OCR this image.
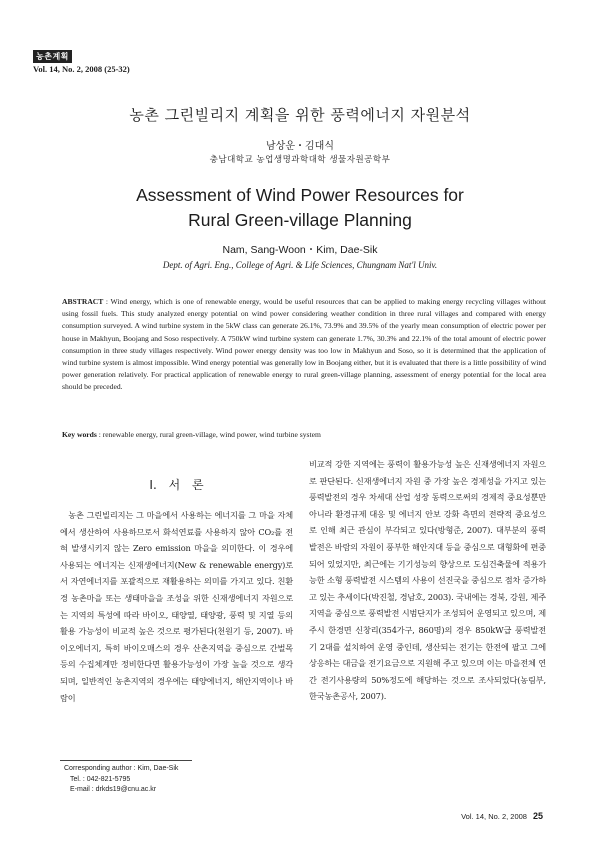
농촌계획
Vol. 14, No. 2, 2008 (25-32)
농촌 그린빌리지 계획을 위한 풍력에너지 자원분석
남상운・김대식
충남대학교 농업생명과학대학 생물자원공학부
Assessment of Wind Power Resources for
Rural Green-village Planning
Nam, Sang-Woon・Kim, Dae-Sik
Dept. of Agri. Eng., College of Agri. & Life Sciences, Chungnam Nat'l Univ.

ABSTRACT : Wind energy, which is one of renewable energy, would be useful resources that can be applied to making energy recycling villages without using fossil fuels. This study analyzed energy potential on wind power considering weather condition in three rural villages and compared with energy consumption surveyed. A wind turbine system in the 5kW class can generate 26.1%, 73.9% and 39.5% of the yearly mean consumption of electric power per house in Makhyun, Boojang and Soso respectively. A 750kW wind turbine system can generate 1.7%, 30.3% and 22.1% of the total amount of electric power consumption in three study villages respectively. Wind power energy density was too low in Makhyun and Soso, so it is determined that the application of wind turbine system is almost impossible. Wind energy potential was generally low in Boojang either, but it is evaluated that there is a little possibility of wind power generation relatively. For practical application of renewable energy to rural green-village planning, assessment of energy potential for the local area should be preceded.

Key words : renewable energy, rural green-village, wind power, wind turbine system
I. 서 론

농촌 그린빌리지는 그 마을에서 사용하는 에너지를 그 마을 자체에서 생산하여 사용하므로서 화석연료를 사용하지 않아 CO₂를 전혀 발생시키지 않는 Zero emission 마을을 의미한다. 이 경우에 사용되는 에너지는 신재생에너지(New & renewable energy)로서 자연에너지를 포괄적으로 재활용하는 의미를 가지고 있다. 친환경 농촌마을 또는 생태마을을 조성을 위한 신재생에너지 자원으로는 지역의 특성에 따라 바이오, 태양열, 태양광, 풍력 및 지열 등의 활용 가능성이 비교적 높은 것으로 평가된다(천원기 등, 2007). 바이오에너지, 특히 바이오매스의 경우 산촌지역을 중심으로 간벌목 등의 수집체계만 정비한다면 활용가능성이 가장 높을 것으로 생각되며, 일반적인 농촌지역의 경우에는 태양에너지, 해안지역이나 바람이

비교적 강한 지역에는 풍력이 활용가능성 높은 신재생에너지 자원으로 판단된다. 신재생에너지 자원 중 가장 높은 경제성을 가지고 있는 풍력발전의 경우 차세대 산업 성장 동력으로써의 경제적 중요성뿐만 아니라 환경규제 대응 및 에너지 안보 강화 측면의 전략적 중요성으로 인해 최근 관심이 부각되고 있다(방형준, 2007). 대부분의 풍력발전은 바람의 자원이 풍부한 해안지대 등을 중심으로 대형화에 편중되어 있었지만, 최근에는 기기성능의 향상으로 도심건축물에 적용가능한 소형 풍력발전 시스템의 사용이 선진국을 중심으로 점차 증가하고 있는 추세이다(박진철, 경남호, 2003). 국내에는 경북, 강원, 제주지역을 중심으로 풍력발전 시범단지가 조성되어 운영되고 있으며, 제주시 한경면 신창리(354가구, 860명)의 경우 850kW급 풍력발전기 2대를 설치하여 운영 중인데, 생산되는 전기는 한전에 팔고 그에 상응하는 대금을 전기요금으로 지원해 주고 있으며 이는 마을전체 연간 전기사용량의 50%정도에 해당하는 것으로 조사되었다(농림부, 한국농촌공사, 2007).

Corresponding author : Kim, Dae-Sik
Tel. : 042-821-5795
E-mail : drkds19@cnu.ac.kr
Vol. 14, No. 2, 2008 25
